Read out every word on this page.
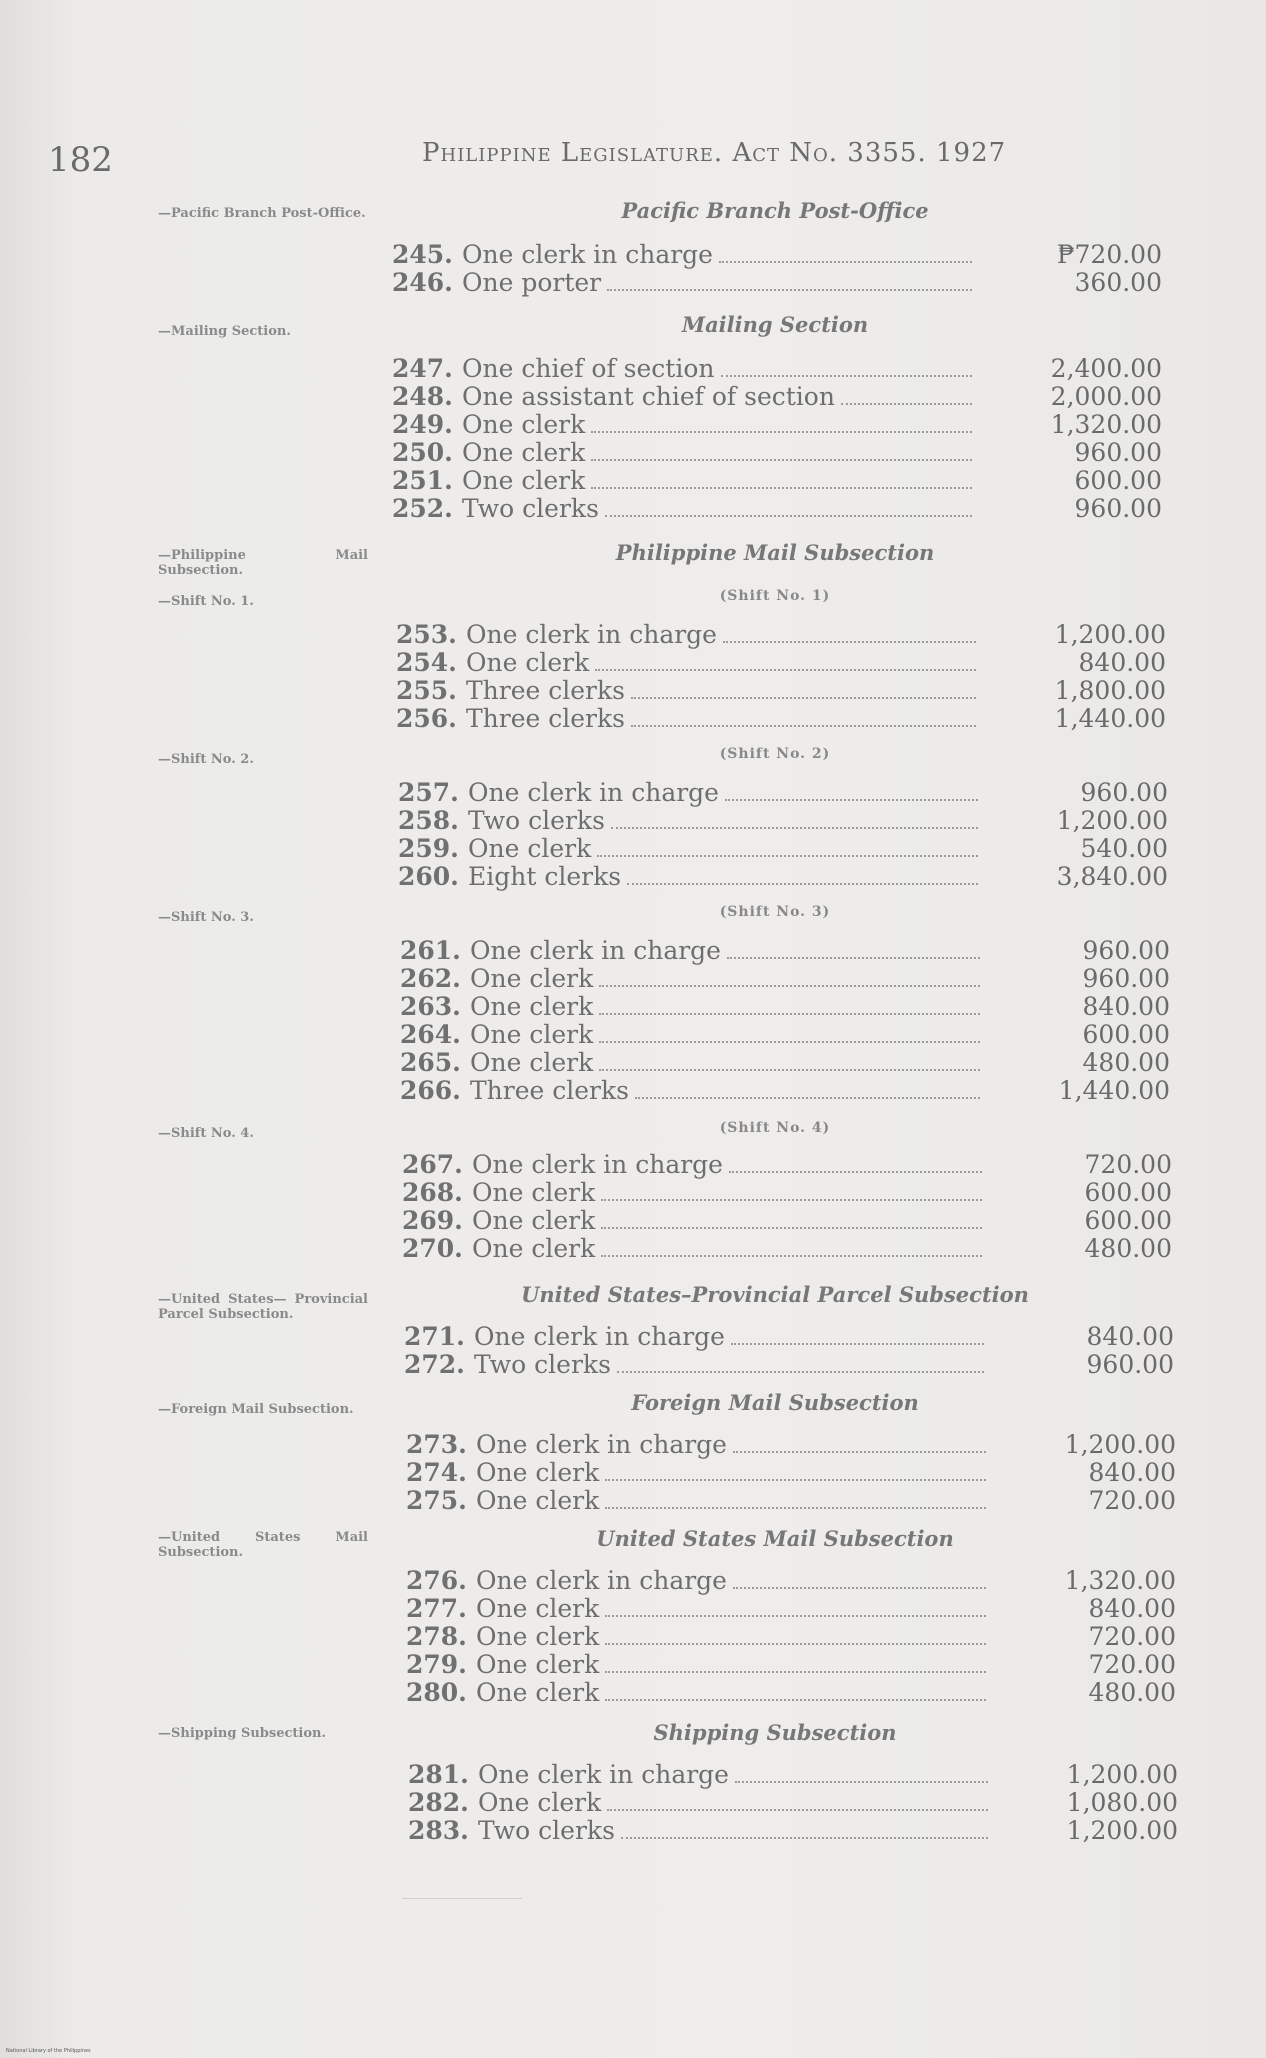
182	Philippine Legislature. Act No. 3355. 1927
—Pacific Branch Post-Office.
—Mailing Section.
—Philippine Mail Subsection.
—Shift No. 1.
—Shift No. 2.
—Shift No. 3.
—Shift No. 4.
—United States— Provincial Parcel Subsection.
—Foreign Mail Subsection.
—United States Mail Subsection.
—Shipping Subsection.
Pacific Branch Post-Office
Mailing Section
Philippine Mail Subsection
(Shift No. 1)
(Shift No. 2)
(Shift No. 3)
(Shift No. 4)
United States–Provincial Parcel Subsection
Foreign Mail Subsection
United States Mail Subsection
Shipping Subsection
245. One clerk in charge	₱720.00
246. One porter	360.00
247. One chief of section	2,400.00
248. One assistant chief of section	2,000.00
249. One clerk	1,320.00
250. One clerk	960.00
251. One clerk	600.00
252. Two clerks	960.00
253. One clerk in charge	1,200.00
254. One clerk	840.00
255. Three clerks	1,800.00
256. Three clerks	1,440.00
257. One clerk in charge	960.00
258. Two clerks	1,200.00
259. One clerk	540.00
260. Eight clerks	3,840.00
261. One clerk in charge	960.00
262. One clerk	960.00
263. One clerk	840.00
264. One clerk	600.00
265. One clerk	480.00
266. Three clerks	1,440.00
267. One clerk in charge	720.00
268. One clerk	600.00
269. One clerk	600.00
270. One clerk	480.00
271. One clerk in charge	840.00
272. Two clerks	960.00
273. One clerk in charge	1,200.00
274. One clerk	840.00
275. One clerk	720.00
276. One clerk in charge	1,320.00
277. One clerk	840.00
278. One clerk	720.00
279. One clerk	720.00
280. One clerk	480.00
281. One clerk in charge	1,200.00
282. One clerk	1,080.00
283. Two clerks	1,200.00
National Library of the Philippines
